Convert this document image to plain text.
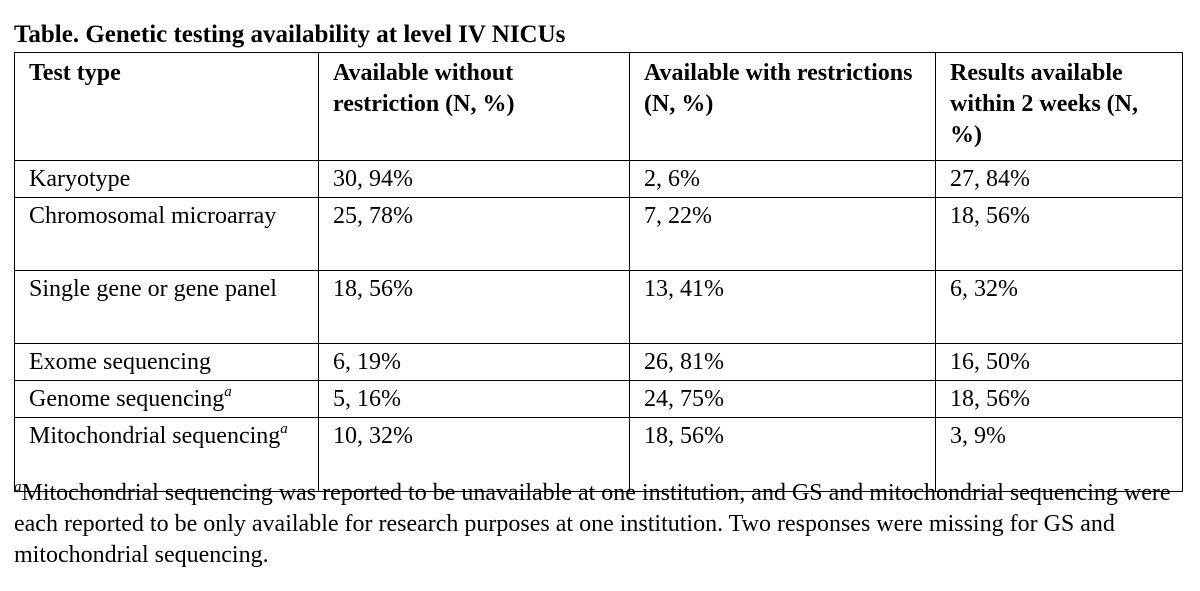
Table. Genetic testing availability at level IV NICUs
Test type	Available without restriction (N, %)	Available with restrictions (N, %)	Results available within 2 weeks (N, %)
Karyotype	30, 94%	2, 6%	27, 84%
Chromosomal microarray	25, 78%	7, 22%	18, 56%
Single gene or gene panel	18, 56%	13, 41%	6, 32%
Exome sequencing	6, 19%	26, 81%	16, 50%
Genome sequencing$^a$	5, 16%	24, 75%	18, 56%
Mitochondrial sequencing$^a$	10, 32%	18, 56%	3, 9%
$^a$Mitochondrial sequencing was reported to be unavailable at one institution, and GS and mitochondrial sequencing were each reported to be only available for research purposes at one institution. Two responses were missing for GS and mitochondrial sequencing.
